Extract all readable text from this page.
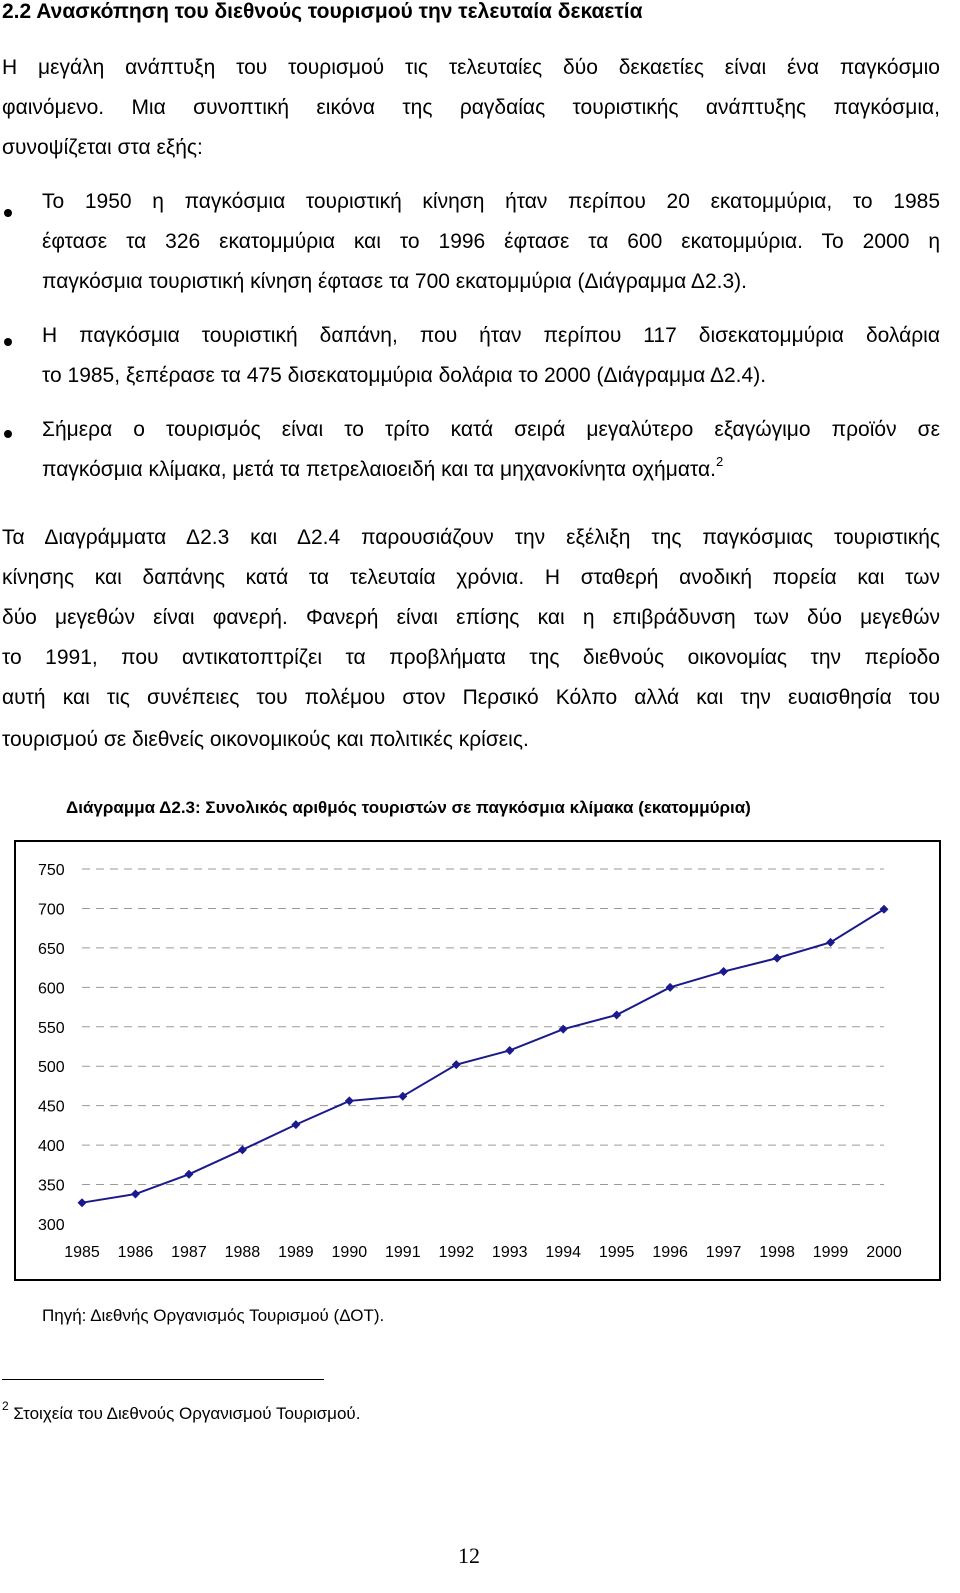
2.2 Ανασκόπηση του διεθνούς τουρισμού την τελευταία δεκαετία
Η μεγάλη ανάπτυξη του τουρισμού τις τελευταίες δύο δεκαετίες είναι ένα παγκόσμιο
φαινόμενο. Μια συνοπτική εικόνα της ραγδαίας τουριστικής ανάπτυξης παγκόσμια,
συνοψίζεται στα εξής:
Το 1950 η παγκόσμια τουριστική κίνηση ήταν περίπου 20 εκατομμύρια, το 1985
έφτασε τα 326 εκατομμύρια και το 1996 έφτασε τα 600 εκατομμύρια. Το 2000 η
παγκόσμια τουριστική κίνηση έφτασε τα 700 εκατομμύρια (Διάγραμμα Δ2.3).
Η παγκόσμια τουριστική δαπάνη, που ήταν περίπου 117 δισεκατομμύρια δολάρια
το 1985, ξεπέρασε τα 475 δισεκατομμύρια δολάρια το 2000 (Διάγραμμα Δ2.4).
Σήμερα ο τουρισμός είναι το τρίτο κατά σειρά μεγαλύτερο εξαγώγιμο προϊόν σε
παγκόσμια κλίμακα, μετά τα πετρελαιοειδή και τα μηχανοκίνητα οχήματα.$^2$
Τα Διαγράμματα Δ2.3 και Δ2.4 παρουσιάζουν την εξέλιξη της παγκόσμιας τουριστικής
κίνησης και δαπάνης κατά τα τελευταία χρόνια. Η σταθερή ανοδική πορεία και των
δύο μεγεθών είναι φανερή. Φανερή είναι επίσης και η επιβράδυνση των δύο μεγεθών
το 1991, που αντικατοπτρίζει τα προβλήματα της διεθνούς οικονομίας την περίοδο
αυτή και τις συνέπειες του πολέμου στον Περσικό Κόλπο αλλά και την ευαισθησία του
τουρισμού σε διεθνείς οικονομικούς και πολιτικές κρίσεις.
Διάγραμμα Δ2.3: Συνολικός αριθμός τουριστών σε παγκόσμια κλίμακα (εκατομμύρια)
750
700
650
600
550
500
450
400
350
300
1985 1986 1987 1988 1989 1990 1991 1992 1993 1994 1995 1996 1997 1998 1999 2000
Πηγή: Διεθνής Οργανισμός Τουρισμού (ΔΟΤ).
$^2$ Στοιχεία του Διεθνούς Οργανισμού Τουρισμού.
12
